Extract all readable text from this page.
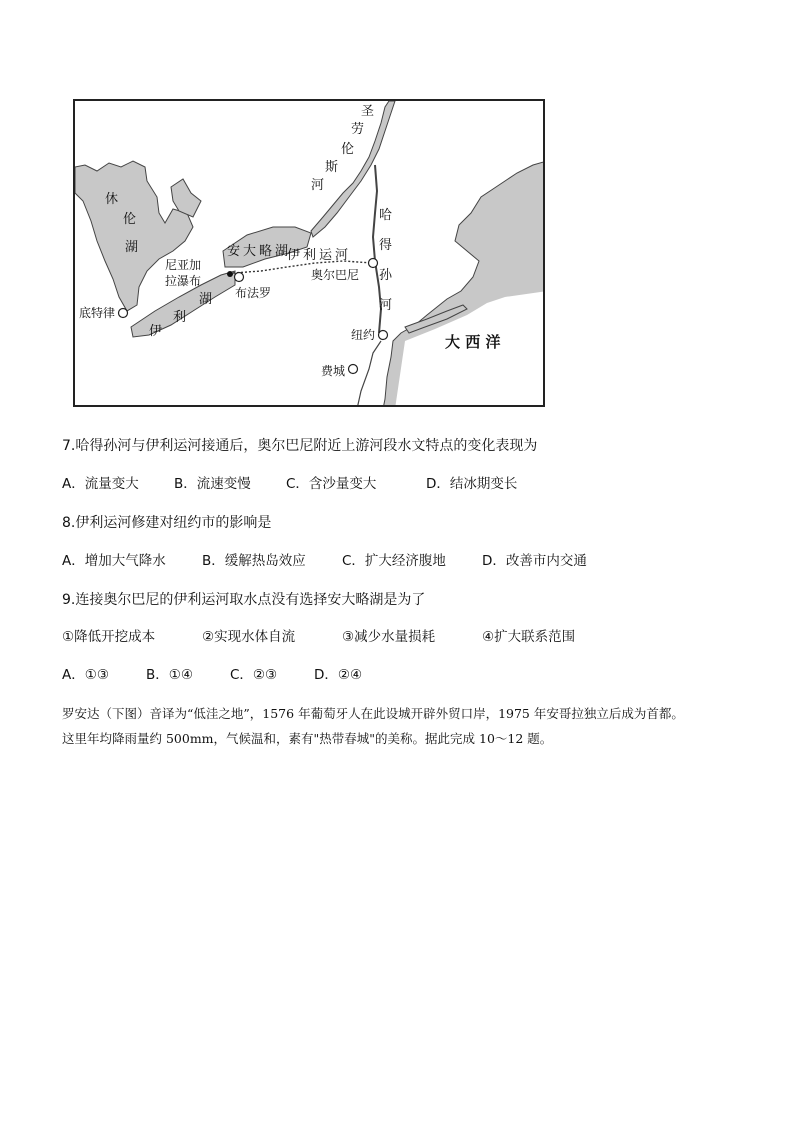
圣
劳
伦
斯
河
休
伦
湖	安大略湖
伊利运河
尼亚加
拉瀑布
布法罗
底特律
奥尔巴尼
湖
利
伊
哈
得
孙
河
纽约
费城
大 西 洋
7.哈得孙河与伊利运河接通后，奥尔巴尼附近上游河段水文特点的变化表现为
A．流量变大	B．流速变慢	C．含沙量变大	D．结冰期变长
8.伊利运河修建对纽约市的影响是
A．增加大气降水	B．缓解热岛效应	C．扩大经济腹地	D．改善市内交通
9.连接奥尔巴尼的伊利运河取水点没有选择安大略湖是为了
①降低开挖成本	②实现水体自流	③减少水量损耗	④扩大联系范围
A．①③	B．①④	C．②③	D．②④
罗安达（下图）音译为“低洼之地”，1576 年葡萄牙人在此设城开辟外贸口岸，1975 年安哥拉独立后成为首都。
这里年均降雨量约 500mm，气候温和，素有"热带春城"的美称。据此完成 10～12 题。
